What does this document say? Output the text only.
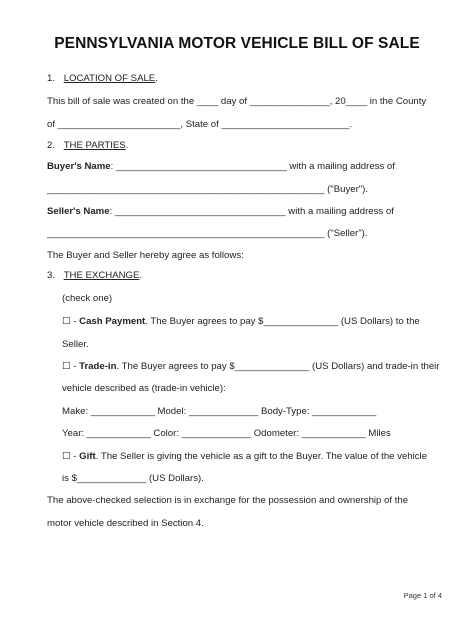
PENNSYLVANIA MOTOR VEHICLE BILL OF SALE
1. LOCATION OF SALE.
This bill of sale was created on the ____ day of _______________, 20____ in the County
of _______________________, State of ________________________.
2. THE PARTIES.
Buyer's Name: ________________________________ with a mailing address of
____________________________________________________ ("Buyer").
Seller's Name: ________________________________ with a mailing address of
____________________________________________________ ("Seller").
The Buyer and Seller hereby agree as follows:
3. THE EXCHANGE.
(check one)
☐ - Cash Payment. The Buyer agrees to pay $______________ (US Dollars) to the
Seller.
☐ - Trade-in. The Buyer agrees to pay $______________ (US Dollars) and trade-in their
vehicle described as (trade-in vehicle):
Make: ____________ Model: _____________ Body-Type: ____________
Year: ____________ Color: _____________ Odometer: ____________ Miles
☐ - Gift. The Seller is giving the vehicle as a gift to the Buyer. The value of the vehicle
is $_____________ (US Dollars).
The above-checked selection is in exchange for the possession and ownership of the
motor vehicle described in Section 4.
Page 1 of 4
